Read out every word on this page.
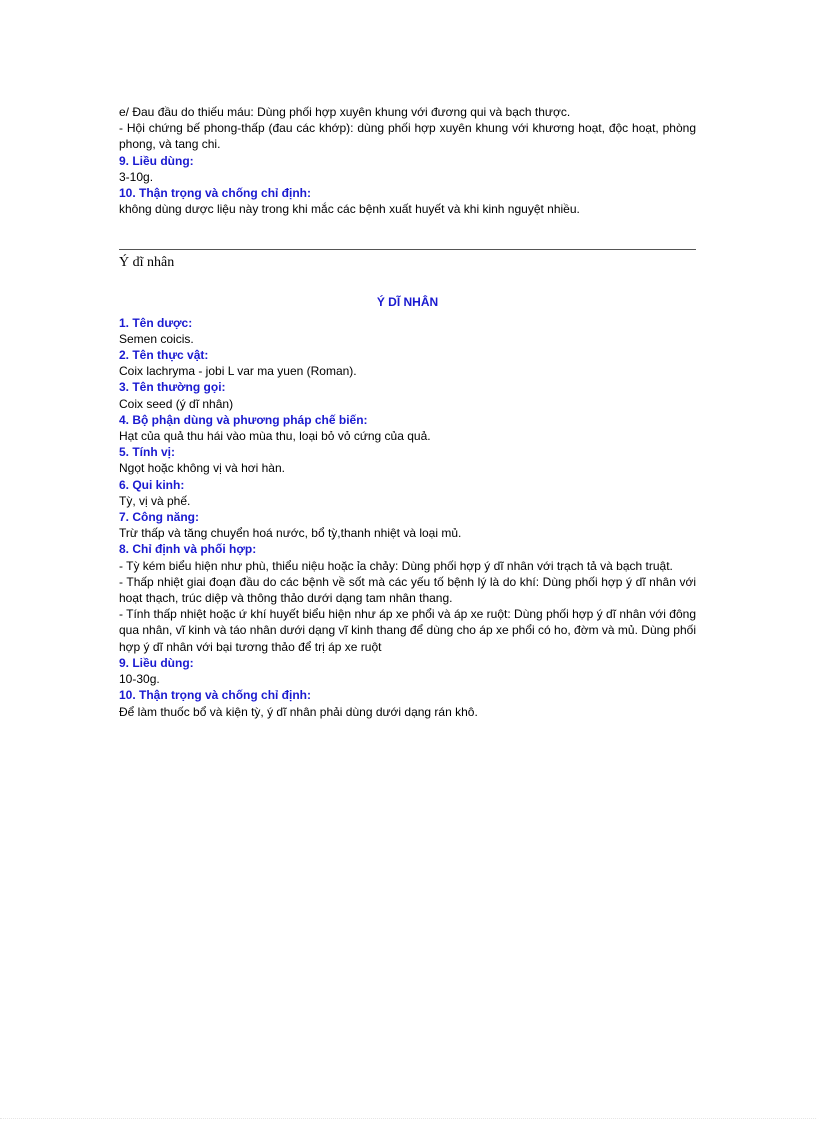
e/ Đau đầu do thiếu máu: Dùng phối hợp xuyên khung với đương qui và bạch thược.

- Hội chứng bế phong-thấp (đau các khớp): dùng phối hợp xuyên khung với khương hoạt, độc hoạt, phòng phong, và tang chi.

9. Liều dùng:

3-10g.

10. Thận trọng và chống chỉ định:

không dùng dược liệu này trong khi mắc các bệnh xuất huyết và khi kinh nguyệt nhiều.

Ý dĩ nhân

Ý DĨ NHÂN

1. Tên dược:

Semen coicis.

2. Tên thực vật:

Coix lachryma - jobi L var ma yuen (Roman).

3. Tên thường gọi:

Coix seed (ý dĩ nhân)

4. Bộ phận dùng và phương pháp chế biến:

Hạt của quả thu hái vào mùa thu, loại bỏ vỏ cứng của quả.

5. Tính vị:

Ngọt hoặc không vị và hơi hàn.

6. Qui kinh:

Tỳ, vị và phế.

7. Công năng:

Trừ thấp và tăng chuyển hoá nước, bổ tỳ,thanh nhiệt và loại mủ.

8. Chỉ định và phối hợp:

- Tỳ kém biểu hiện như phù, thiểu niệu hoặc ỉa chảy: Dùng phối hợp ý dĩ nhân với trạch tả và bạch truật.

- Thấp nhiệt giai đoạn đầu do các bệnh về sốt mà các yếu tố bệnh lý là do khí: Dùng phối hợp ý dĩ nhân với hoạt thạch, trúc diệp và thông thảo dưới dạng tam nhân thang.

- Tính thấp nhiệt hoặc ứ khí huyết biểu hiện như áp xe phổi và áp xe ruột: Dùng phối hợp ý dĩ nhân với đông qua nhân, vĩ kinh và táo nhân dưới dạng vĩ kinh thang để dùng cho áp xe phổi có ho, đờm và mủ. Dùng phối hợp ý dĩ nhân với bại tương thảo để trị áp xe ruột

9. Liều dùng:

10-30g.

10. Thận trọng và chống chỉ định:

Để làm thuốc bổ và kiện tỳ, ý dĩ nhân phải dùng dưới dạng rán khô.
